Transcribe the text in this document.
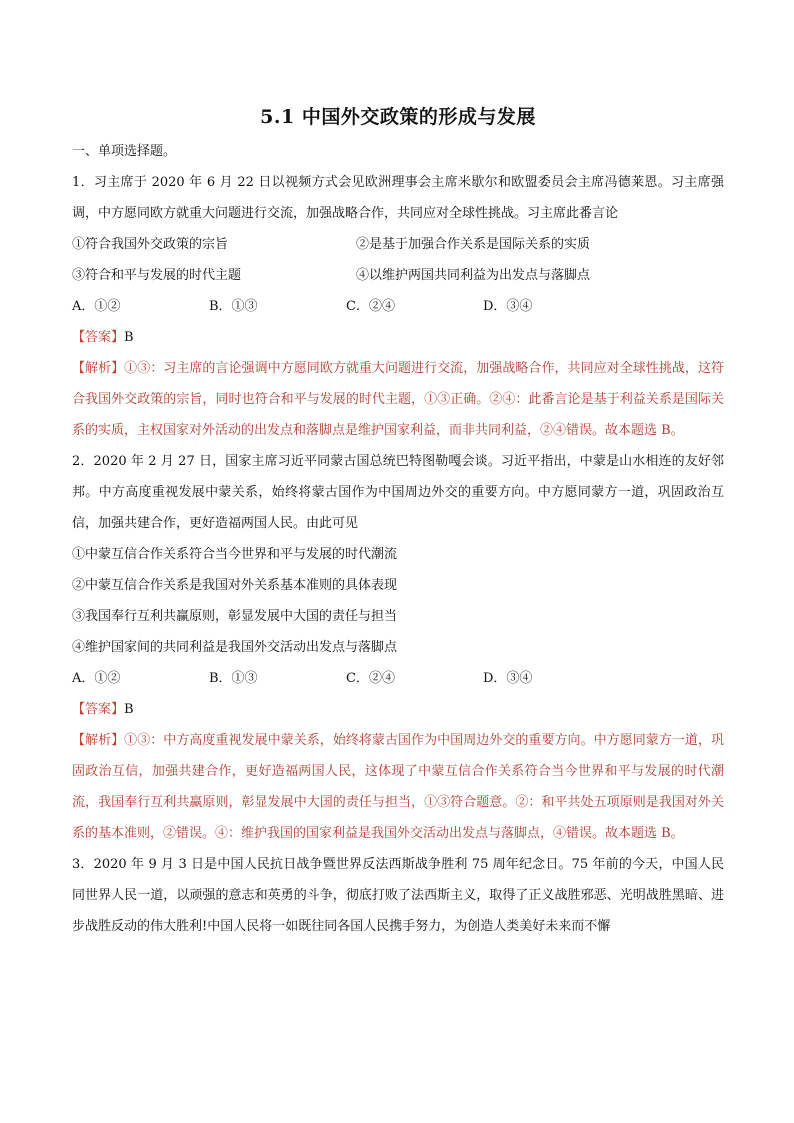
5.1 中国外交政策的形成与发展

一、单项选择题。

1．习主席于 2020 年 6 月 22 日以视频方式会见欧洲理事会主席米歇尔和欧盟委员会主席冯德莱恩。习主席强调，中方愿同欧方就重大问题进行交流，加强战略合作，共同应对全球性挑战。习主席此番言论

①符合我国外交政策的宗旨	②是基于加强合作关系是国际关系的实质
③符合和平与发展的时代主题	④以维护两国共同利益为出发点与落脚点
A．①②	B．①③	C．②④	D．③④

【答案】B

【解析】①③：习主席的言论强调中方愿同欧方就重大问题进行交流，加强战略合作，共同应对全球性挑战，这符合我国外交政策的宗旨，同时也符合和平与发展的时代主题，①③正确。②④：此番言论是基于利益关系是国际关系的实质，主权国家对外活动的出发点和落脚点是维护国家利益，而非共同利益，②④错误。故本题选 B。

2．2020 年 2 月 27 日，国家主席习近平同蒙古国总统巴特图勒嘎会谈。习近平指出，中蒙是山水相连的友好邻邦。中方高度重视发展中蒙关系，始终将蒙古国作为中国周边外交的重要方向。中方愿同蒙方一道，巩固政治互信，加强共建合作，更好造福两国人民。由此可见

①中蒙互信合作关系符合当今世界和平与发展的时代潮流

②中蒙互信合作关系是我国对外关系基本准则的具体表现

③我国奉行互利共赢原则，彰显发展中大国的责任与担当

④维护国家间的共同利益是我国外交活动出发点与落脚点

A．①②	B．①③	C．②④	D．③④

【答案】B

【解析】①③：中方高度重视发展中蒙关系，始终将蒙古国作为中国周边外交的重要方向。中方愿同蒙方一道，巩固政治互信，加强共建合作，更好造福两国人民，这体现了中蒙互信合作关系符合当今世界和平与发展的时代潮流，我国奉行互利共赢原则，彰显发展中大国的责任与担当，①③符合题意。②：和平共处五项原则是我国对外关系的基本准则，②错误。④：维护我国的国家利益是我国外交活动出发点与落脚点，④错误。故本题选 B。

3．2020 年 9 月 3 日是中国人民抗日战争暨世界反法西斯战争胜利 75 周年纪念日。75 年前的今天，中国人民同世界人民一道，以顽强的意志和英勇的斗争，彻底打败了法西斯主义，取得了正义战胜邪恶、光明战胜黑暗、进步战胜反动的伟大胜利!中国人民将一如既往同各国人民携手努力，为创造人类美好未来而不懈
